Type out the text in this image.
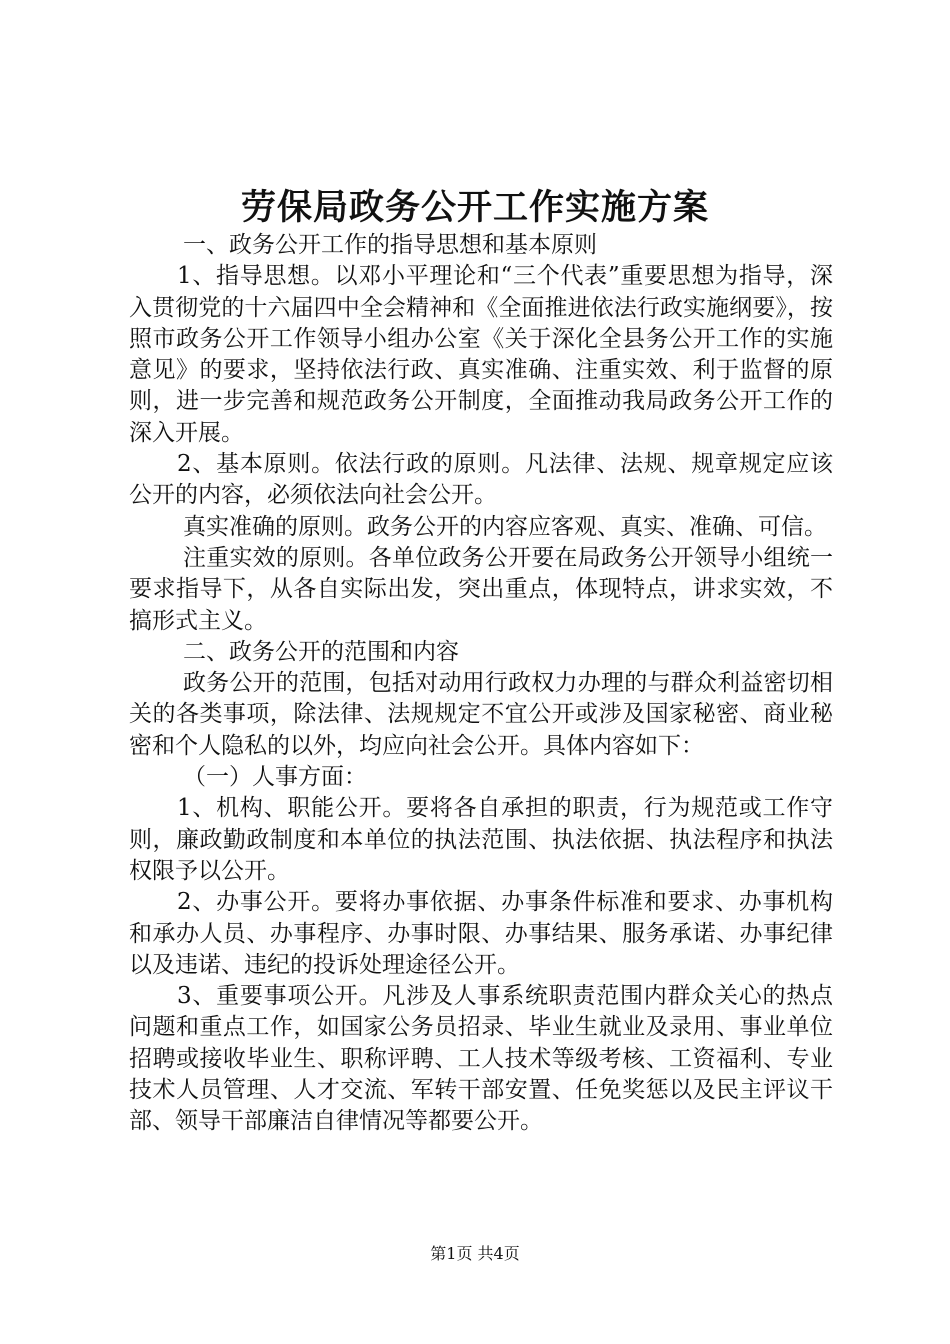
劳保局政务公开工作实施方案

一、政务公开工作的指导思想和基本原则

1、指导思想。以邓小平理论和“三个代表”重要思想为指导，深入贯彻党的十六届四中全会精神和《全面推进依法行政实施纲要》，按照市政务公开工作领导小组办公室《关于深化全县务公开工作的实施意见》的要求，坚持依法行政、真实准确、注重实效、利于监督的原则，进一步完善和规范政务公开制度，全面推动我局政务公开工作的深入开展。

2、基本原则。依法行政的原则。凡法律、法规、规章规定应该公开的内容，必须依法向社会公开。

真实准确的原则。政务公开的内容应客观、真实、准确、可信。

注重实效的原则。各单位政务公开要在局政务公开领导小组统一要求指导下，从各自实际出发，突出重点，体现特点，讲求实效，不搞形式主义。

二、政务公开的范围和内容

政务公开的范围，包括对动用行政权力办理的与群众利益密切相关的各类事项，除法律、法规规定不宜公开或涉及国家秘密、商业秘密和个人隐私的以外，均应向社会公开。具体内容如下：

（一）人事方面：

1、机构、职能公开。要将各自承担的职责，行为规范或工作守则，廉政勤政制度和本单位的执法范围、执法依据、执法程序和执法权限予以公开。

2、办事公开。要将办事依据、办事条件标准和要求、办事机构和承办人员、办事程序、办事时限、办事结果、服务承诺、办事纪律以及违诺、违纪的投诉处理途径公开。

3、重要事项公开。凡涉及人事系统职责范围内群众关心的热点问题和重点工作，如国家公务员招录、毕业生就业及录用、事业单位招聘或接收毕业生、职称评聘、工人技术等级考核、工资福利、专业技术人员管理、人才交流、军转干部安置、任免奖惩以及民主评议干部、领导干部廉洁自律情况等都要公开。

第1页 共4页
